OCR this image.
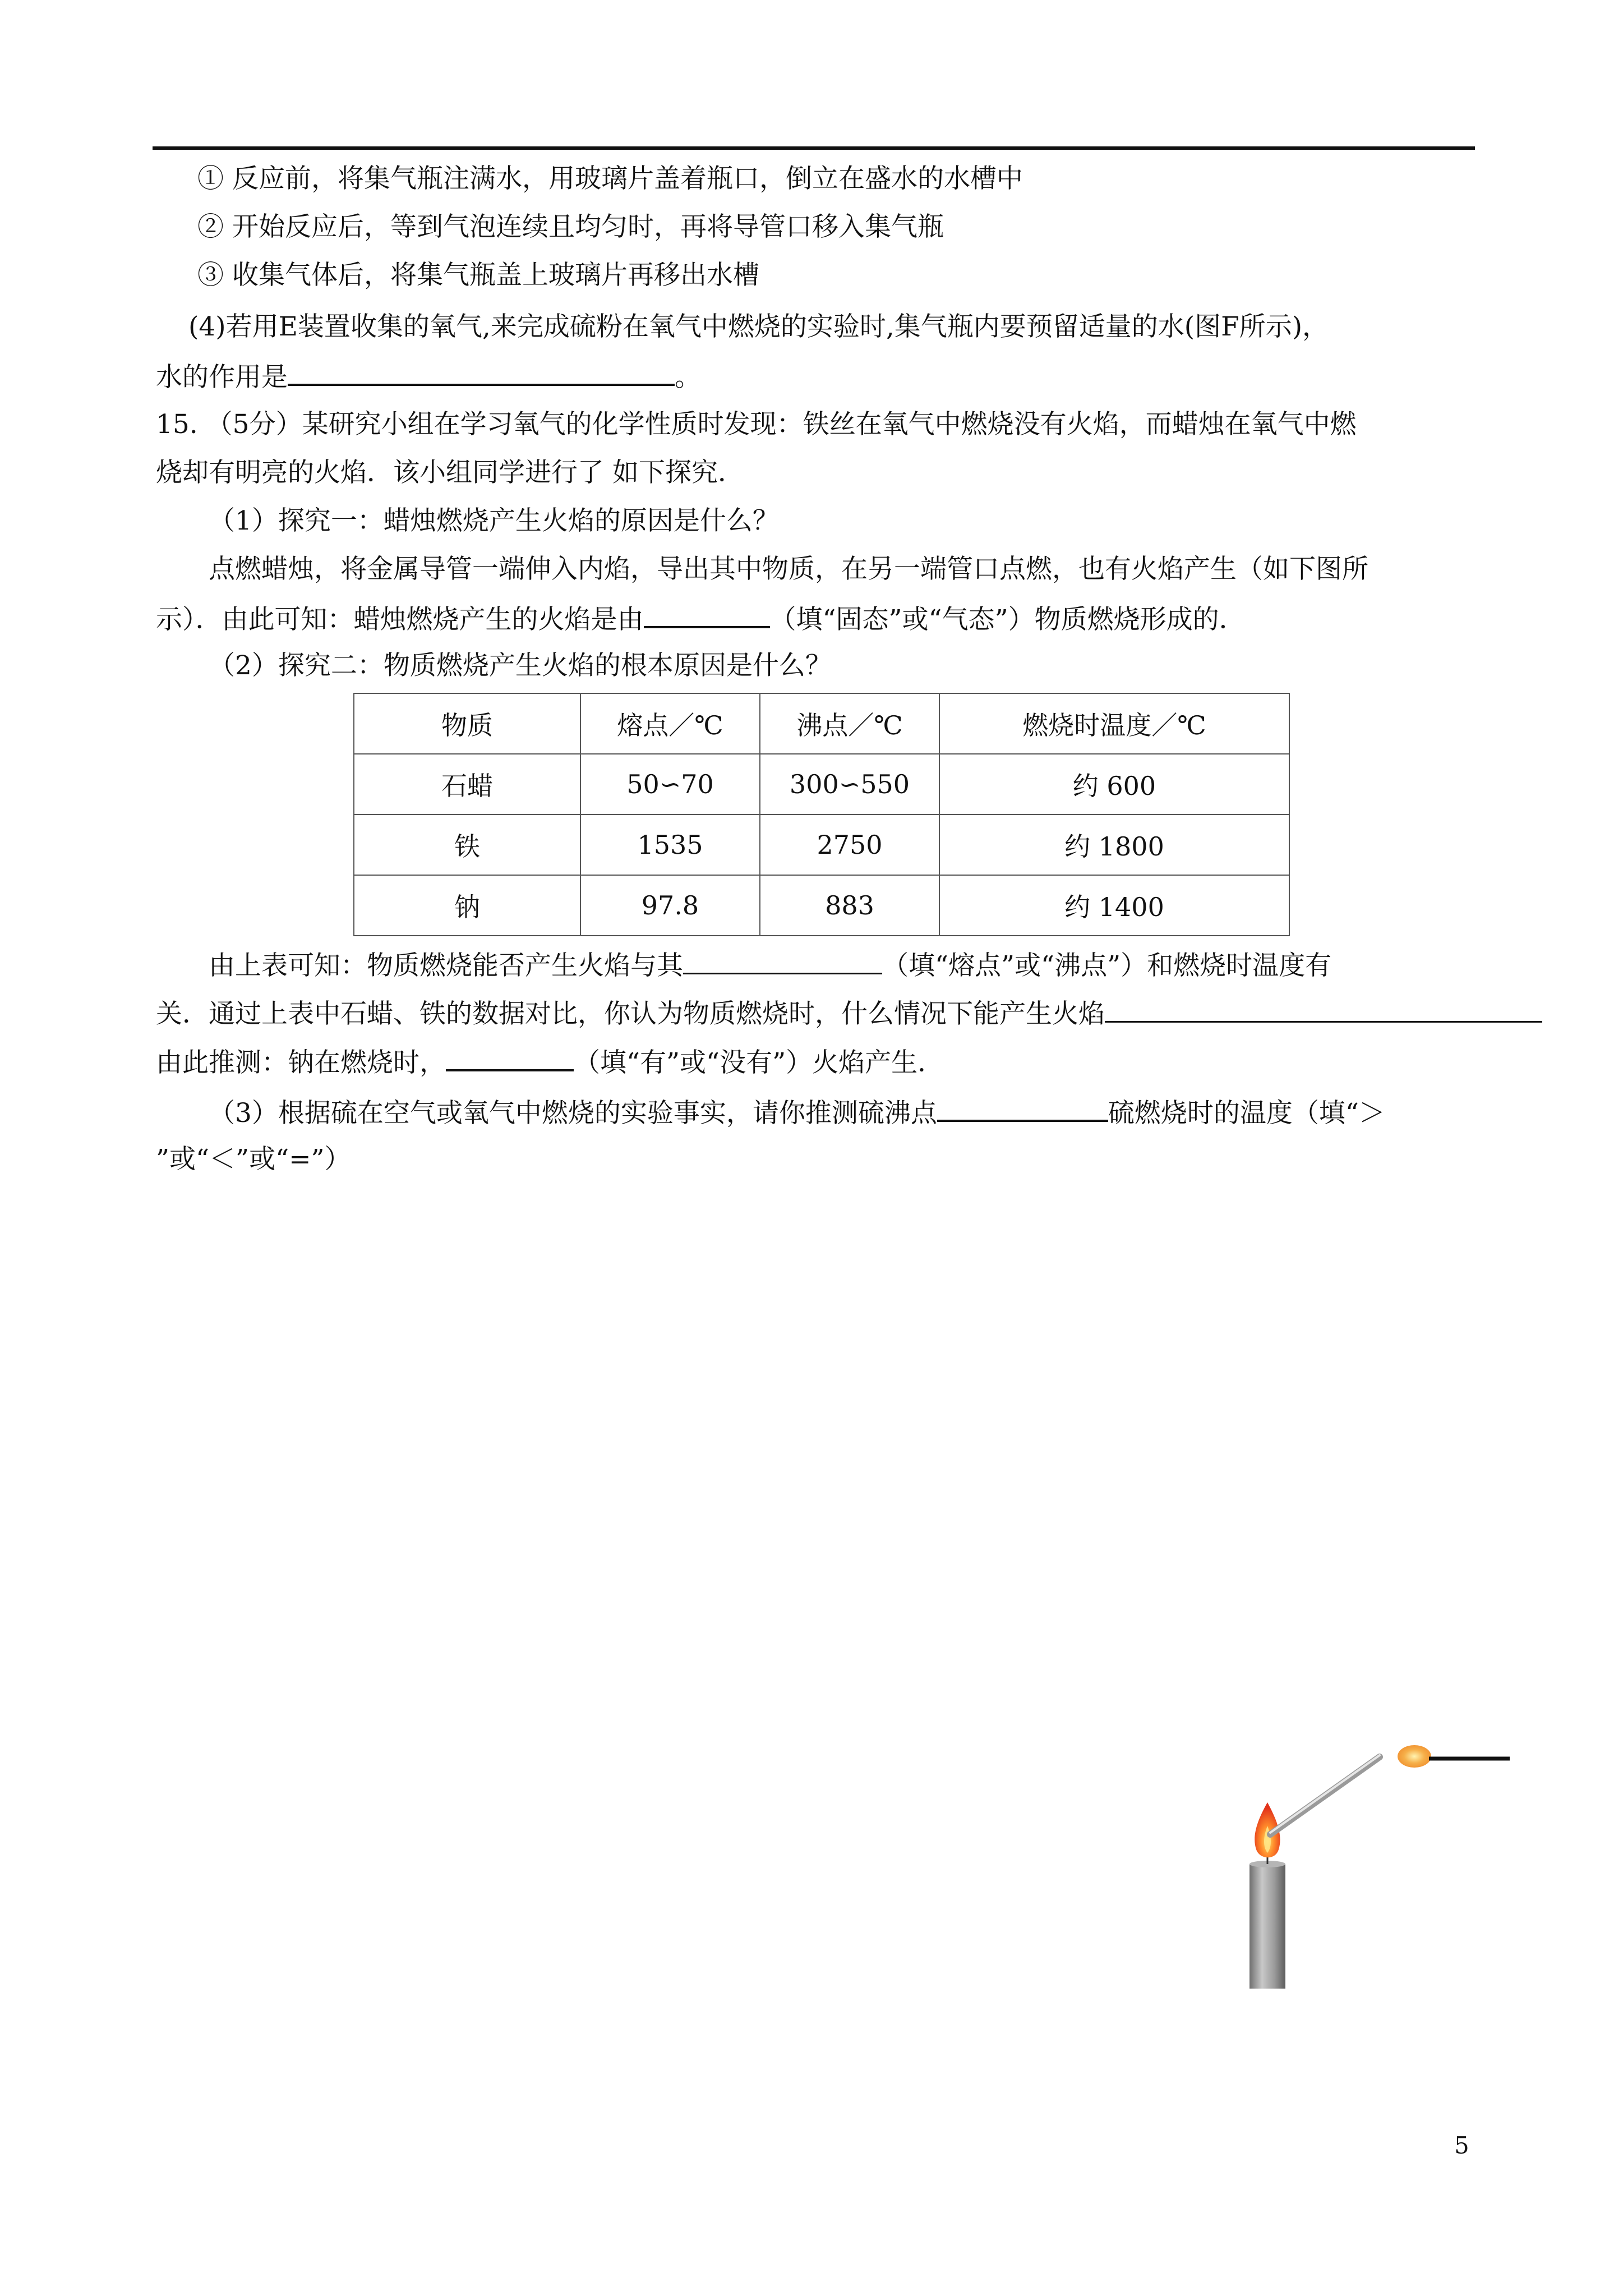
① 反应前，将集气瓶注满水，用玻璃片盖着瓶口，倒立在盛水的水槽中
② 开始反应后，等到气泡连续且均匀时，再将导管口移入集气瓶
③ 收集气体后，将集气瓶盖上玻璃片再移出水槽
(4)若用E装置收集的氧气,来完成硫粉在氧气中燃烧的实验时,集气瓶内要预留适量的水(图F所示)，
水的作用是	。
15. （5分）某研究小组在学习氧气的化学性质时发现：铁丝在氧气中燃烧没有火焰，而蜡烛在氧气中燃
烧却有明亮的火焰．该小组同学进行了 如下探究．
（1）探究一：蜡烛燃烧产生火焰的原因是什么？
点燃蜡烛，将金属导管一端伸入内焰，导出其中物质，在另一端管口点燃，也有火焰产生（如下图所
示）．由此可知：蜡烛燃烧产生的火焰是由	（填“固态”或“气态”）物质燃烧形成的．
（2）探究二：物质燃烧产生火焰的根本原因是什么？
物质	熔点／℃	沸点／℃	燃烧时温度／℃
石蜡	50∽70	300∽550	约 600
铁	1535	2750	约 1800
钠	97.8	883	约 1400
由上表可知：物质燃烧能否产生火焰与其	（填“熔点”或“沸点”）和燃烧时温度有
关．通过上表中石蜡、铁的数据对比，你认为物质燃烧时，什么情况下能产生火焰
由此推测：钠在燃烧时，	（填“有”或“没有”）火焰产生．
（3）根据硫在空气或氧气中燃烧的实验事实，请你推测硫沸点	硫燃烧时的温度（填“＞
”或“＜”或“=”）
5
